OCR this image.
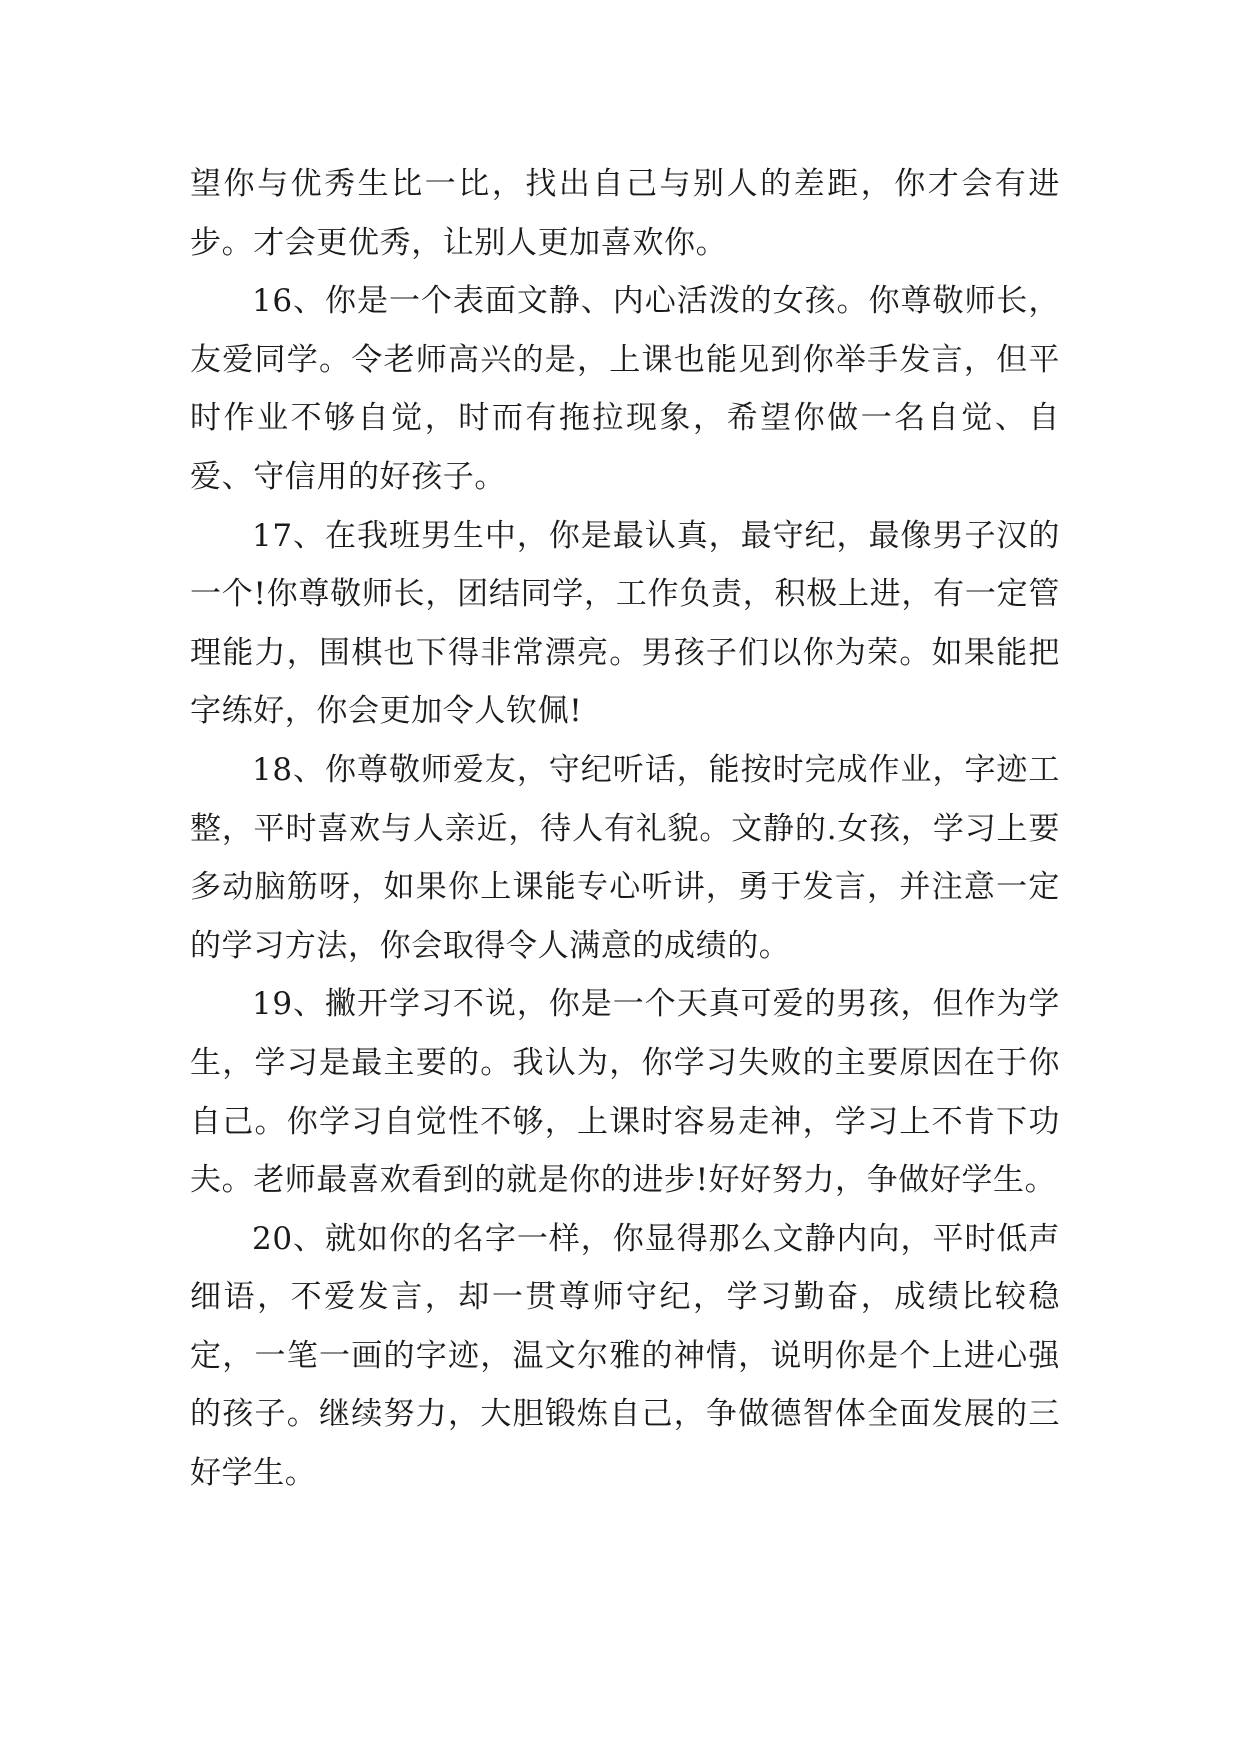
望你与优秀生比一比，找出自己与别人的差距，你才会有进步。才会更优秀，让别人更加喜欢你。

16、你是一个表面文静、内心活泼的女孩。你尊敬师长，友爱同学。令老师高兴的是，上课也能见到你举手发言，但平时作业不够自觉，时而有拖拉现象，希望你做一名自觉、自爱、守信用的好孩子。

17、在我班男生中，你是最认真，最守纪，最像男子汉的一个!你尊敬师长，团结同学，工作负责，积极上进，有一定管理能力，围棋也下得非常漂亮。男孩子们以你为荣。如果能把字练好，你会更加令人钦佩!

18、你尊敬师爱友，守纪听话，能按时完成作业，字迹工整，平时喜欢与人亲近，待人有礼貌。文静的.女孩，学习上要多动脑筋呀，如果你上课能专心听讲，勇于发言，并注意一定的学习方法，你会取得令人满意的成绩的。

19、撇开学习不说，你是一个天真可爱的男孩，但作为学生，学习是最主要的。我认为，你学习失败的主要原因在于你自己。你学习自觉性不够，上课时容易走神，学习上不肯下功夫。老师最喜欢看到的就是你的进步!好好努力，争做好学生。

20、就如你的名字一样，你显得那么文静内向，平时低声细语，不爱发言，却一贯尊师守纪，学习勤奋，成绩比较稳定，一笔一画的字迹，温文尔雅的神情，说明你是个上进心强的孩子。继续努力，大胆锻炼自己，争做德智体全面发展的三好学生。
